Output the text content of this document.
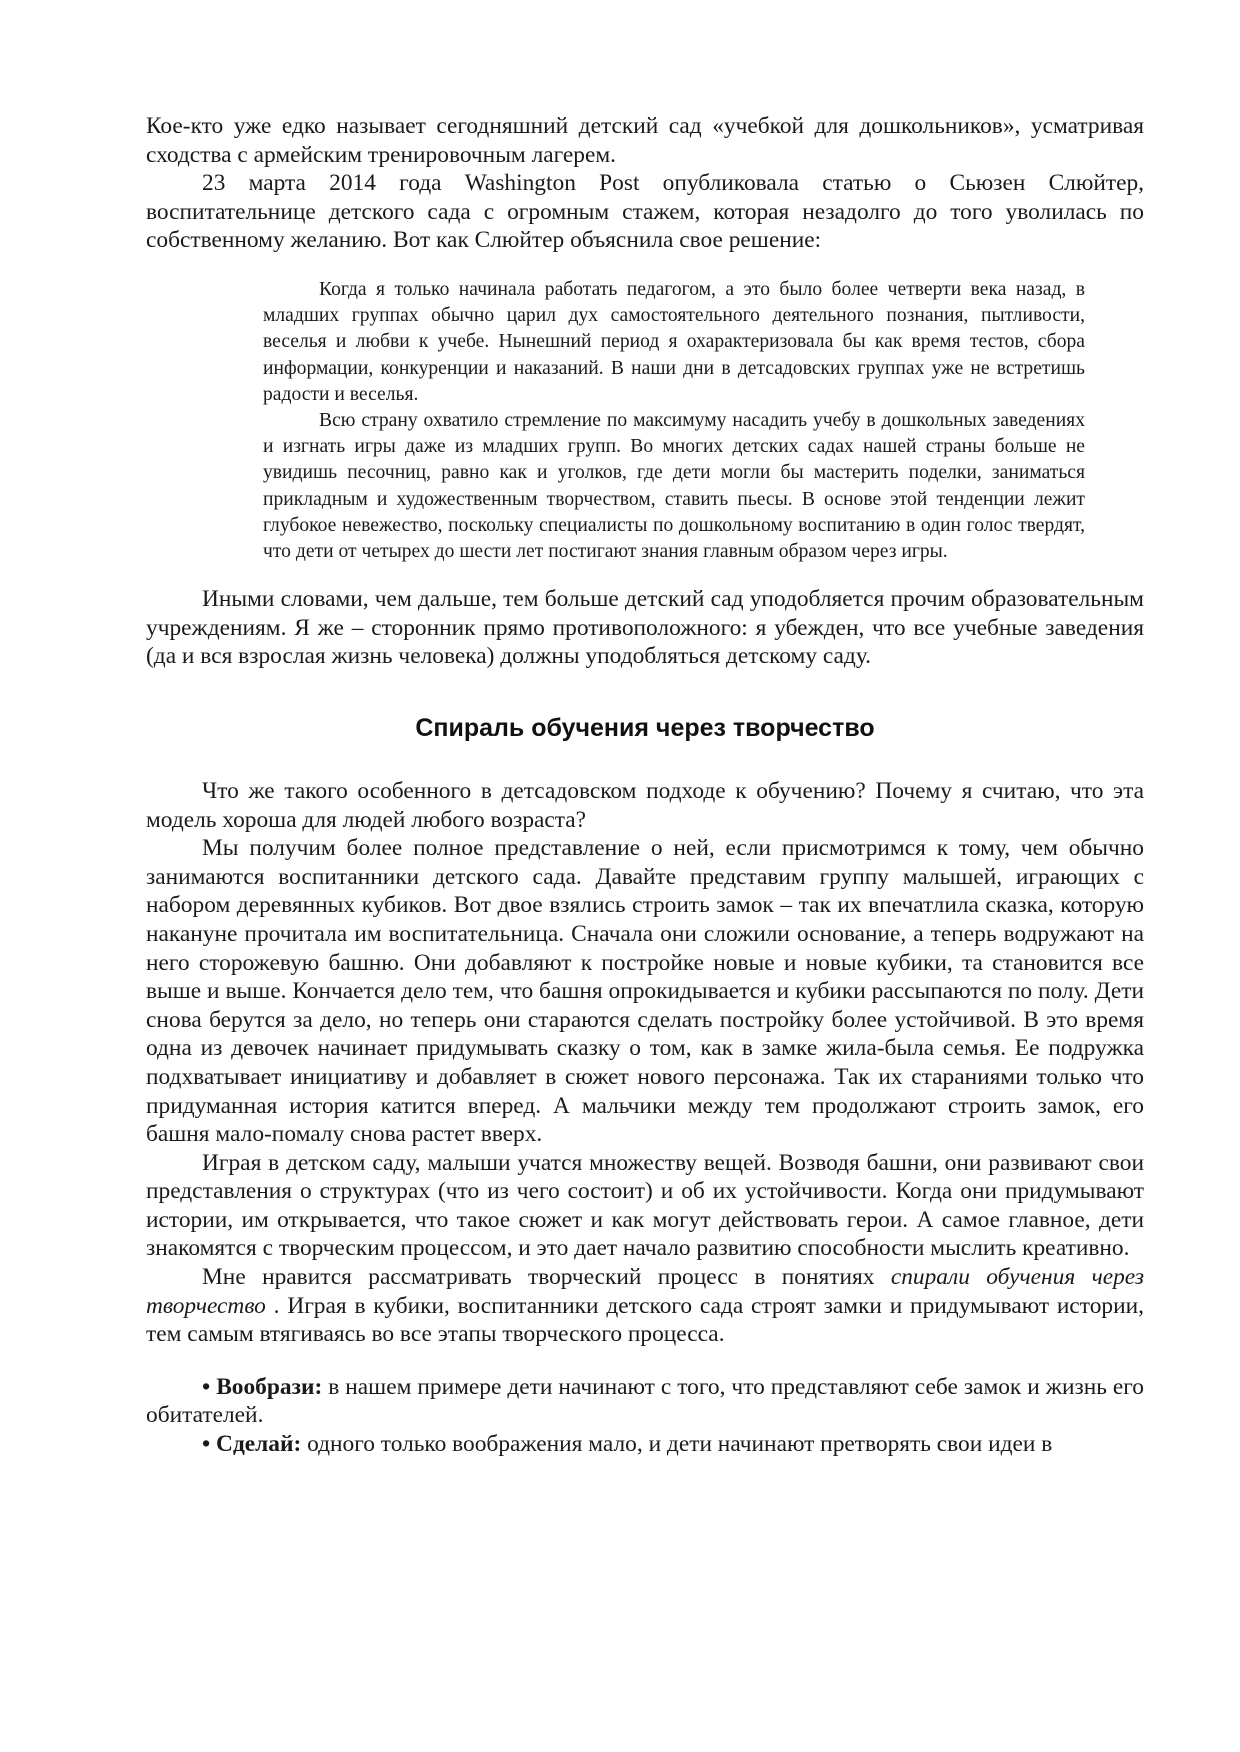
Кое-кто уже едко называет сегодняшний детский сад «учебкой для дошкольников», усматривая сходства с армейским тренировочным лагерем.

23 марта 2014 года Washington Post опубликовала статью о Сьюзен Слюйтер, воспитательнице детского сада с огромным стажем, которая незадолго до того уволилась по собственному желанию. Вот как Слюйтер объяснила свое решение:

Когда я только начинала работать педагогом, а это было более четверти века назад, в младших группах обычно царил дух самостоятельного деятельного познания, пытливости, веселья и любви к учебе. Нынешний период я охарактеризовала бы как время тестов, сбора информации, конкуренции и наказаний. В наши дни в детсадовских группах уже не встретишь радости и веселья.

Всю страну охватило стремление по максимуму насадить учебу в дошкольных заведениях и изгнать игры даже из младших групп. Во многих детских садах нашей страны больше не увидишь песочниц, равно как и уголков, где дети могли бы мастерить поделки, заниматься прикладным и художественным творчеством, ставить пьесы. В основе этой тенденции лежит глубокое невежество, поскольку специалисты по дошкольному воспитанию в один голос твердят, что дети от четырех до шести лет постигают знания главным образом через игры.

Иными словами, чем дальше, тем больше детский сад уподобляется прочим образовательным учреждениям. Я же – сторонник прямо противоположного: я убежден, что все учебные заведения (да и вся взрослая жизнь человека) должны уподобляться детскому саду.

Спираль обучения через творчество

Что же такого особенного в детсадовском подходе к обучению? Почему я считаю, что эта модель хороша для людей любого возраста?

Мы получим более полное представление о ней, если присмотримся к тому, чем обычно занимаются воспитанники детского сада. Давайте представим группу малышей, играющих с набором деревянных кубиков. Вот двое взялись строить замок – так их впечатлила сказка, которую накануне прочитала им воспитательница. Сначала они сложили основание, а теперь водружают на него сторожевую башню. Они добавляют к постройке новые и новые кубики, та становится все выше и выше. Кончается дело тем, что башня опрокидывается и кубики рассыпаются по полу. Дети снова берутся за дело, но теперь они стараются сделать постройку более устойчивой. В это время одна из девочек начинает придумывать сказку о том, как в замке жила-была семья. Ее подружка подхватывает инициативу и добавляет в сюжет нового персонажа. Так их стараниями только что придуманная история катится вперед. А мальчики между тем продолжают строить замок, его башня мало-помалу снова растет вверх.

Играя в детском саду, малыши учатся множеству вещей. Возводя башни, они развивают свои представления о структурах (что из чего состоит) и об их устойчивости. Когда они придумывают истории, им открывается, что такое сюжет и как могут действовать герои. А самое главное, дети знакомятся с творческим процессом, и это дает начало развитию способности мыслить креативно.

Мне нравится рассматривать творческий процесс в понятиях спирали обучения через творчество . Играя в кубики, воспитанники детского сада строят замки и придумывают истории, тем самым втягиваясь во все этапы творческого процесса.

• Вообрази: в нашем примере дети начинают с того, что представляют себе замок и жизнь его обитателей.

• Сделай: одного только воображения мало, и дети начинают претворять свои идеи в
